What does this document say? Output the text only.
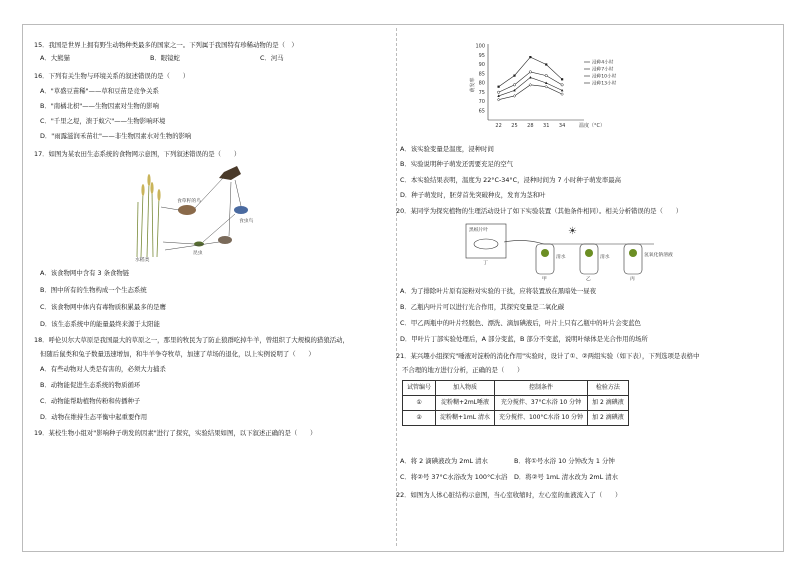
15．我国是世界上拥有野生动物种类最多的国家之一。下列属于我国特有珍稀动物的是（　）
A．大熊猫	B．眼镜蛇	C．河马
16．下列有关生物与环境关系的叙述错误的是（　　）
A．"草盛豆苗稀"——草和豆苗是竞争关系
B．"南橘北枳"——生物因素对生物的影响
C．"千里之堤，溃于蚁穴"——生物影响环境
D．"雨露滋润禾苗壮"——非生物因素水对生物的影响
17．如图为某农田生态系统的食物网示意图，下列叙述错误的是（　　）
食草籽的鸟
食虫鸟
昆虫
水稻类
A．该食物网中含有 3 条食物链
B．图中所有的生物构成一个生态系统
C．该食物网中体内有毒物质积累最多的是鹰
D．该生态系统中的能量最终来源于太阳能
18．呼伦贝尔大草原是我国最大的草原之一，那里的牧民为了防止狼群吃掉牛羊，曾组织了大规模的猎狼活动，
但随后鼠类和兔子数量迅速增加，和牛羊争夺牧草，加速了草场的退化，以上实例说明了（　　）
A．有些动物对人类是有害的，必须大力捕杀
B．动物能促进生态系统的物质循环
C．动物能帮助植物传粉和传播种子
D．动物在维持生态平衡中起重要作用
19．某校生物小组对"影响种子萌发的因素"进行了探究，实验结果如图，以下叙述正确的是（　　）
65
70
75
80
85
90
95
100
22 25 28 31 34	温度（°C）
萌发率
浸种4小时
浸种7小时
浸种10小时
浸种13小时
A．该实验变量是温度，浸种时间
B．实验说明种子萌发还需要充足的空气
C．本实验结果表明，温度为 22°C-34°C，浸种时间为 7 小时种子萌发率最高
D．种子萌发时，胚芽首先突破种皮，发育为茎和叶
20．某同学为探究植物的生理活动设计了如下实验装置（其他条件相同）。相关分析错误的是（　　）
黑纸片叶
丁
☀
甲	乙	丙
清水	清水	氢氧化钠溶液
A．为了排除叶片原有淀粉对实验的干扰，应将装置放在黑暗处一昼夜
B．乙瓶内叶片可以进行光合作用，其探究变量是二氧化碳
C．甲乙两瓶中的叶片经脱色、漂洗、滴加碘液后，叶片上只有乙瓶中的叶片会变蓝色
D．甲叶片丁部实验处理后，A 部分变蓝，B 部分不变蓝，说明叶绿体是光合作用的场所
21．某兴趣小组探究"唾液对淀粉的消化作用"实验时，设计了①、②两组实验（如下表），下列选项是表格中
不合理的地方进行分析，正确的是（　　）
试管编号	加入物质	控制条件	检验方法
①	淀粉糊+2mL唾液	充分搅拌、37°C水浴 10 分钟	加 2 滴碘液
②	淀粉糊+1mL 清水	充分搅拌、100°C水浴 10 分钟	加 2 滴碘液
A．将 2 滴碘液改为 2mL 清水	B．将①号水浴 10 分钟改为 1 分钟
C．将②号 37°C水浴改为 100°C水浴 D．将②号 1mL 清水改为 2mL 清水
22．如图为人体心脏结构示意图，当心室收缩时，左心室的血液流入了（　　）
